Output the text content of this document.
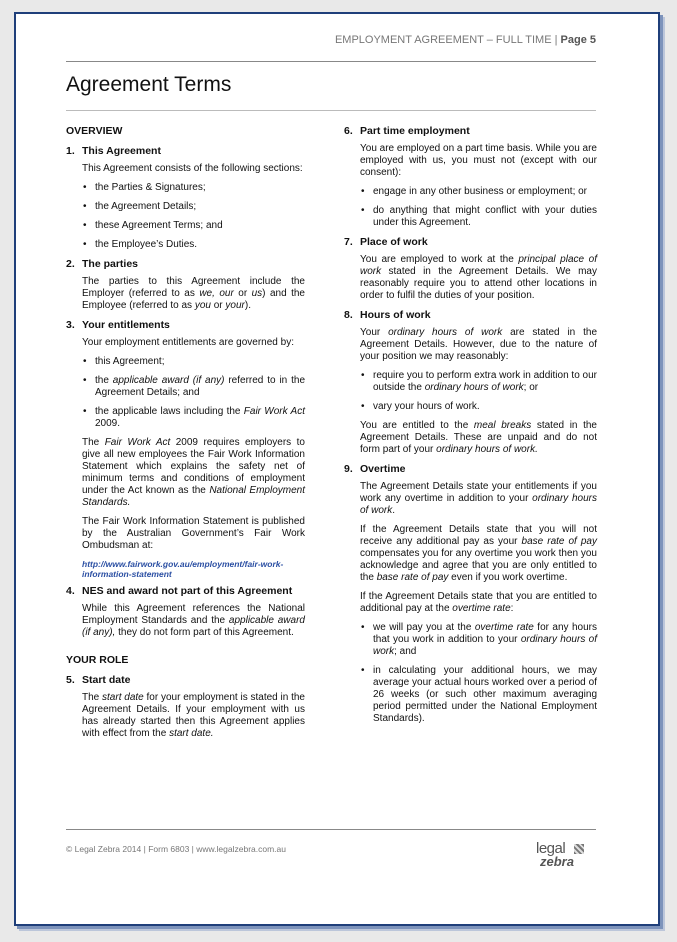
EMPLOYMENT AGREEMENT – FULL TIME | Page 5
Agreement Terms
OVERVIEW
1. This Agreement
This Agreement consists of the following sections:
• the Parties & Signatures;
• the Agreement Details;
• these Agreement Terms; and
• the Employee’s Duties.
2. The parties
The parties to this Agreement include the Employer (referred to as we, our or us) and the Employee (referred to as you or your).
3. Your entitlements
Your employment entitlements are governed by:
• this Agreement;
• the applicable award (if any) referred to in the Agreement Details; and
• the applicable laws including the Fair Work Act 2009.
The Fair Work Act 2009 requires employers to give all new employees the Fair Work Information Statement which explains the safety net of minimum terms and conditions of employment under the Act known as the National Employment Standards.
The Fair Work Information Statement is published by the Australian Government’s Fair Work Ombudsman at:
http://www.fairwork.gov.au/employment/fair-work-information-statement
4. NES and award not part of this Agreement
While this Agreement references the National Employment Standards and the applicable award (if any), they do not form part of this Agreement.
YOUR ROLE
5. Start date
The start date for your employment is stated in the Agreement Details. If your employment with us has already started then this Agreement applies with effect from the start date.
6. Part time employment
You are employed on a part time basis. While you are employed with us, you must not (except with our consent):
• engage in any other business or employment; or
• do anything that might conflict with your duties under this Agreement.
7. Place of work
You are employed to work at the principal place of work stated in the Agreement Details. We may reasonably require you to attend other locations in order to fulfil the duties of your position.
8. Hours of work
Your ordinary hours of work are stated in the Agreement Details. However, due to the nature of your position we may reasonably:
• require you to perform extra work in addition to our outside the ordinary hours of work; or
• vary your hours of work.
You are entitled to the meal breaks stated in the Agreement Details. These are unpaid and do not form part of your ordinary hours of work.
9. Overtime
The Agreement Details state your entitlements if you work any overtime in addition to your ordinary hours of work.
If the Agreement Details state that you will not receive any additional pay as your base rate of pay compensates you for any overtime you work then you acknowledge and agree that you are only entitled to the base rate of pay even if you work overtime.
If the Agreement Details state that you are entitled to additional pay at the overtime rate:
• we will pay you at the overtime rate for any hours that you work in addition to your ordinary hours of work; and
• in calculating your additional hours, we may average your actual hours worked over a period of 26 weeks (or such other maximum averaging period permitted under the National Employment Standards).
© Legal Zebra 2014 | Form 6803 | www.legalzebra.com.au	legal
zebra
